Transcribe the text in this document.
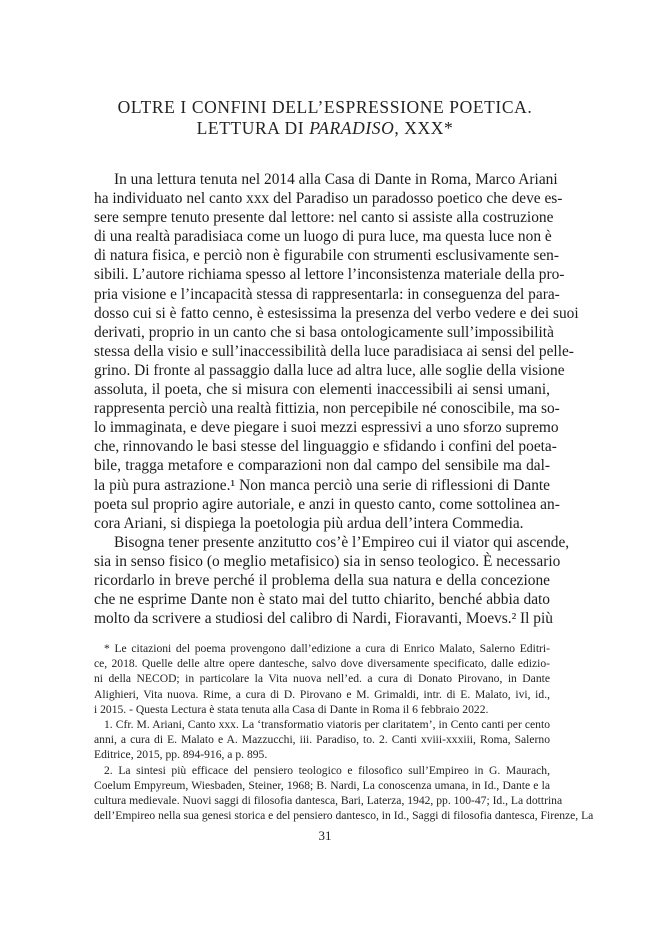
OLTRE I CONFINI DELL’ESPRESSIONE POETICA.
LETTURA DI PARADISO, XXX*
In una lettura tenuta nel 2014 alla Casa di Dante in Roma, Marco Ariani
ha individuato nel canto xxx del Paradiso un paradosso poetico che deve es-
sere sempre tenuto presente dal lettore: nel canto si assiste alla costruzione
di una realtà paradisiaca come un luogo di pura luce, ma questa luce non è
di natura fisica, e perciò non è figurabile con strumenti esclusivamente sen-
sibili. L’autore richiama spesso al lettore l’inconsistenza materiale della pro-
pria visione e l’incapacità stessa di rappresentarla: in conseguenza del para-
dosso cui si è fatto cenno, è estesissima la presenza del verbo vedere e dei suoi
derivati, proprio in un canto che si basa ontologicamente sull’impossibilità
stessa della visio e sull’inaccessibilità della luce paradisiaca ai sensi del pelle-
grino. Di fronte al passaggio dalla luce ad altra luce, alle soglie della visione
assoluta, il poeta, che si misura con elementi inaccessibili ai sensi umani,
rappresenta perciò una realtà fittizia, non percepibile né conoscibile, ma so-
lo immaginata, e deve piegare i suoi mezzi espressivi a uno sforzo supremo
che, rinnovando le basi stesse del linguaggio e sfidando i confini del poeta-
bile, tragga metafore e comparazioni non dal campo del sensibile ma dal-
la più pura astrazione.¹ Non manca perciò una serie di riflessioni di Dante
poeta sul proprio agire autoriale, e anzi in questo canto, come sottolinea an-
cora Ariani, si dispiega la poetologia più ardua dell’intera Commedia.
Bisogna tener presente anzitutto cos’è l’Empireo cui il viator qui ascende,
sia in senso fisico (o meglio metafisico) sia in senso teologico. È necessario
ricordarlo in breve perché il problema della sua natura e della concezione
che ne esprime Dante non è stato mai del tutto chiarito, benché abbia dato
molto da scrivere a studiosi del calibro di Nardi, Fioravanti, Moevs.² Il più
* Le citazioni del poema provengono dall’edizione a cura di Enrico Malato, Salerno Editri-
ce, 2018. Quelle delle altre opere dantesche, salvo dove diversamente specificato, dalle edizio-
ni della NECOD; in particolare la Vita nuova nell’ed. a cura di Donato Pirovano, in Dante
Alighieri, Vita nuova. Rime, a cura di D. Pirovano e M. Grimaldi, intr. di E. Malato, ivi, id.,
i 2015. - Questa Lectura è stata tenuta alla Casa di Dante in Roma il 6 febbraio 2022.
1. Cfr. M. Ariani, Canto xxx. La ‘transformatio viatoris per claritatem’, in Cento canti per cento
anni, a cura di E. Malato e A. Mazzucchi, iii. Paradiso, to. 2. Canti xviii-xxxiii, Roma, Salerno
Editrice, 2015, pp. 894-916, a p. 895.
2. La sintesi più efficace del pensiero teologico e filosofico sull’Empireo in G. Maurach,
Coelum Empyreum, Wiesbaden, Steiner, 1968; B. Nardi, La conoscenza umana, in Id., Dante e la
cultura medievale. Nuovi saggi di filosofia dantesca, Bari, Laterza, 1942, pp. 100-47; Id., La dottrina
dell’Empireo nella sua genesi storica e del pensiero dantesco, in Id., Saggi di filosofia dantesca, Firenze, La
31
